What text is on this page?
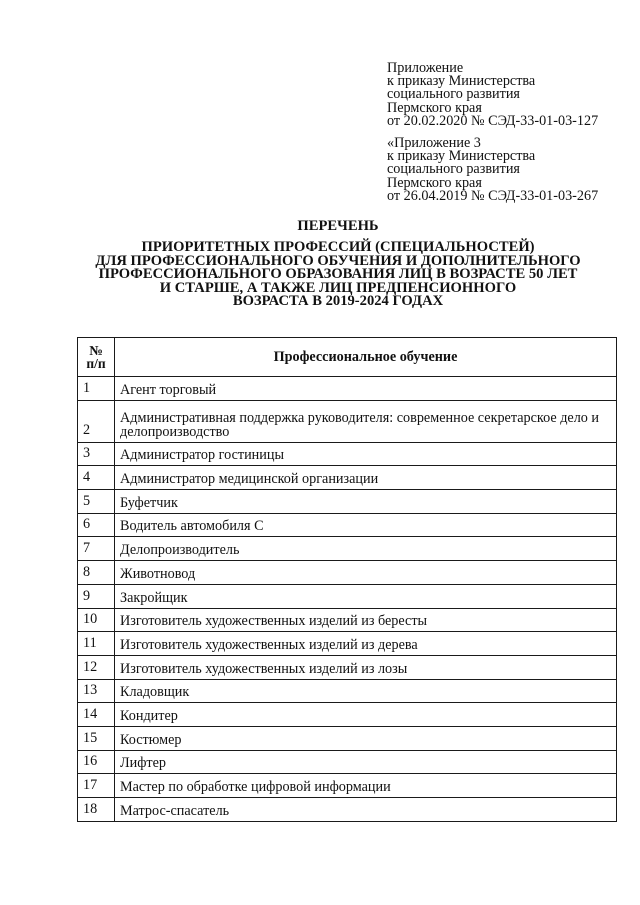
Приложение
к приказу Министерства
социального развития
Пермского края
от 20.02.2020 № СЭД-33-01-03-127
«Приложение 3
к приказу Министерства
социального развития
Пермского края
от 26.04.2019 № СЭД-33-01-03-267
ПЕРЕЧЕНЬ
ПРИОРИТЕТНЫХ ПРОФЕССИЙ (СПЕЦИАЛЬНОСТЕЙ)
ДЛЯ ПРОФЕССИОНАЛЬНОГО ОБУЧЕНИЯ И ДОПОЛНИТЕЛЬНОГО
ПРОФЕССИОНАЛЬНОГО ОБРАЗОВАНИЯ ЛИЦ В ВОЗРАСТЕ 50 ЛЕТ
И СТАРШЕ, А ТАКЖЕ ЛИЦ ПРЕДПЕНСИОННОГО
ВОЗРАСТА В 2019-2024 ГОДАХ
№
п/п	Профессиональное обучение
1	Агент торговый
2	Административная поддержка руководителя: современное секретарское дело и делопроизводство
3	Администратор гостиницы
4	Администратор медицинской организации
5	Буфетчик
6	Водитель автомобиля С
7	Делопроизводитель
8	Животновод
9	Закройщик
10	Изготовитель художественных изделий из бересты
11	Изготовитель художественных изделий из дерева
12	Изготовитель художественных изделий из лозы
13	Кладовщик
14	Кондитер
15	Костюмер
16	Лифтер
17	Мастер по обработке цифровой информации
18	Матрос-спасатель
